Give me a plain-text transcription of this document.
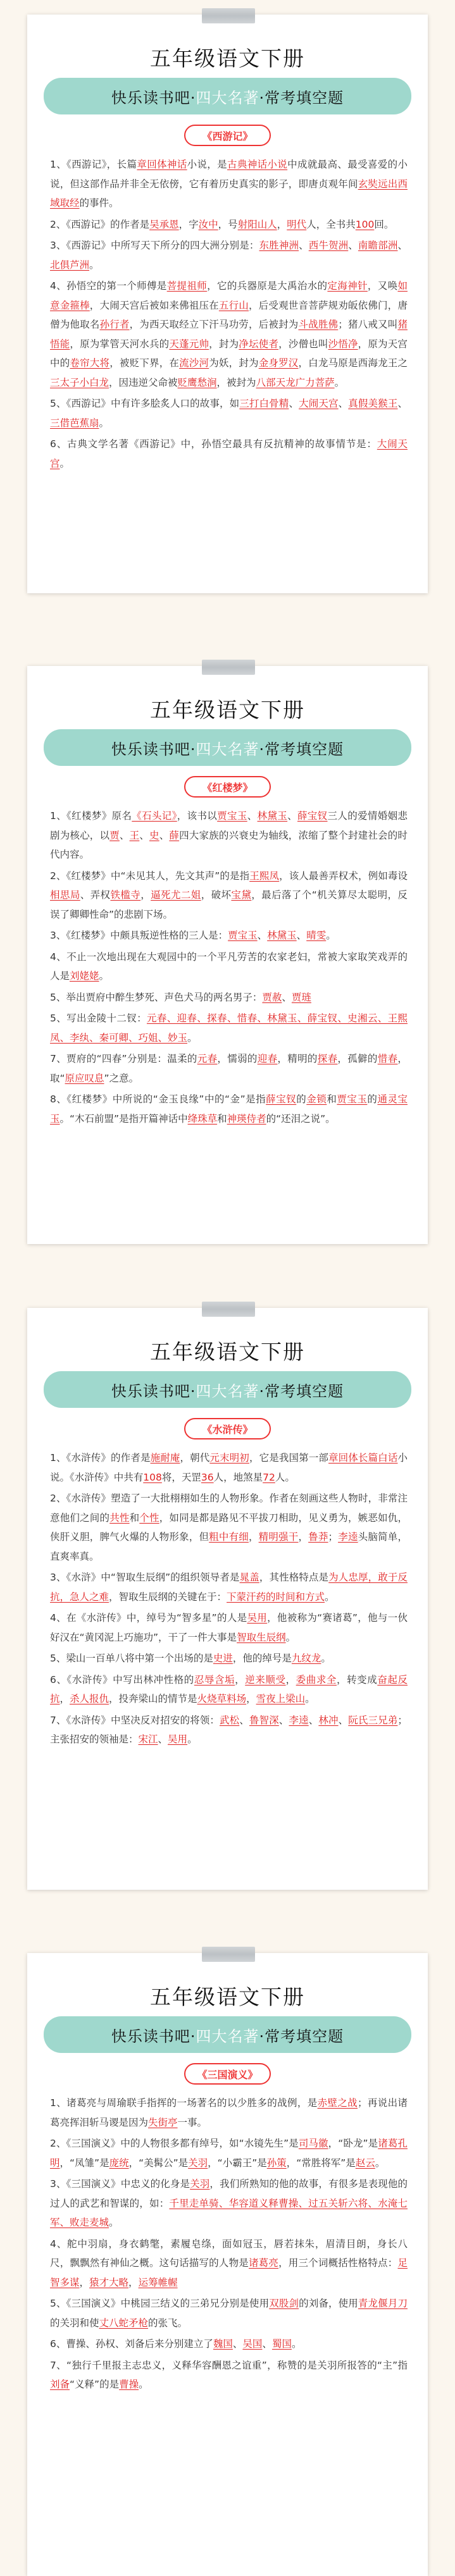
五年级语文下册
快乐读书吧· 四大名著 ·常考填空题
《西游记》

1、《西游记》，长篇章回体神话小说，是古典神话小说中成就最高、最受喜爱的小说，但这部作品并非全无依傍，它有着历史真实的影子，即唐贞观年间玄奘远出西域取经的事件。

2、《西游记》的作者是吴承恩，字汝中，号射阳山人，明代人，全书共100回。

3、《西游记》中所写天下所分的四大洲分别是：东胜神洲、西牛贺洲、南瞻部洲、北俱芦洲。

4、孙悟空的第一个师傅是菩提祖师，它的兵器原是大禹治水的定海神针，又唤如意金箍棒，大闹天宫后被如来佛祖压在五行山，后受观世音菩萨规劝皈依佛门，唐僧为他取名孙行者，为西天取经立下汗马功劳，后被封为斗战胜佛；猪八戒又叫猪悟能，原为掌管天河水兵的天蓬元帅，封为净坛使者，沙僧也叫沙悟净，原为天宫中的卷帘大将，被贬下界，在流沙河为妖，封为金身罗汉，白龙马原是西海龙王之三太子小白龙，因违逆父命被贬鹰愁涧，被封为八部天龙广力菩萨。

5、《西游记》中有许多脍炙人口的故事，如三打白骨精、大闹天宫、真假美猴王、三借芭蕉扇。

6、古典文学名著《西游记》中，孙悟空最具有反抗精神的故事情节是：大闹天宫。

五年级语文下册
快乐读书吧· 四大名著 ·常考填空题
《红楼梦》

1、《红楼梦》原名《石头记》，该书以贾宝玉、林黛玉、薛宝钗三人的爱情婚姻悲剧为核心，以贾、王、史、薛四大家族的兴衰史为轴线，浓缩了整个封建社会的时代内容。

2、《红楼梦》中“未见其人，先文其声”的是指王熙凤，该人最善弄权术，例如毒设相思局、弄权铁槛寺，逼死尤二姐，破坏宝黛，最后落了个“机关算尽太聪明，反误了卿卿性命”的悲剧下场。

3、《红楼梦》中颇具叛逆性格的三人是：贾宝玉、林黛玉、晴雯。

4、不止一次地出现在大观园中的一个平凡劳苦的农家老妇，常被大家取笑戏弄的人是刘姥姥。

5、举出贾府中醉生梦死、声色犬马的两名男子：贾赦、贾琏

5、写出金陵十二钗：元春、迎春、探春、惜春、林黛玉、薛宝钗、史湘云、王熙凤、李纨、秦可卿、巧姐、妙玉。

7、贾府的“四春”分别是：温柔的元春，懦弱的迎春，精明的探春，孤僻的惜春，取“原应叹息”之意。

8、《红楼梦》中所说的“金玉良缘”中的“金”是指薛宝钗的金锁和贾宝玉的通灵宝玉。“木石前盟”是指开篇神话中绛珠草和神瑛侍者的“还泪之说”。

五年级语文下册
快乐读书吧· 四大名著 ·常考填空题
《水浒传》

1、《水浒传》的作者是施耐庵，朝代元末明初，它是我国第一部章回体长篇白话小说。《水浒传》中共有108将，天罡36人，地煞星72人。

2、《水浒传》塑造了一大批栩栩如生的人物形象。作者在刻画这些人物时，非常注意他们之间的共性和个性，如同是都是路见不平拔刀相助，见义勇为，嫉恶如仇，侠肝义胆，脾气火爆的人物形象，但粗中有细，精明强干，鲁莽；李逵头脑简单，直爽率真。

3、《水浒》中“智取生辰纲”的组织领导者是晁盖，其性格特点是为人忠厚，敢于反抗，急人之难，智取生辰纲的关键在于：下蒙汗药的时间和方式。

4、在《水浒传》中，绰号为“智多星”的人是吴用，他被称为“赛诸葛”，他与一伙好汉在“黄冈泥上巧施功”，干了一件大事是智取生辰纲。

5、梁山一百单八将中第一个出场的是史进，他的绰号是九纹龙。

6、《水浒传》中写出林冲性格的忍辱含垢，逆来顺受，委曲求全，转变成奋起反抗，杀人报仇，投奔梁山的情节是火烧草料场，雪夜上梁山。

7、《水浒传》中坚决反对招安的将领：武松、鲁智深、李逵、林冲、阮氏三兄弟；主张招安的领袖是：宋江、吴用。

五年级语文下册
快乐读书吧· 四大名著 ·常考填空题
《三国演义》

1、诸葛亮与周瑜联手指挥的一场著名的以少胜多的战例，是赤壁之战；再说出诸葛亮挥泪斩马谡是因为失街亭一事。

2、《三国演义》中的人物很多都有绰号，如“水镜先生”是司马徽，“卧龙”是诸葛孔明，“凤雏”是庞统，“美髯公”是关羽，“小霸王”是孙策，“常胜将军”是赵云。

3、《三国演义》中忠义的化身是关羽，我们所熟知的他的故事，有很多是表现他的过人的武艺和智谋的，如：千里走单骑、华容道义释曹操、过五关斩六将、水淹七军、败走麦城。

4、舵中羽扇，身衣鹤氅，素履皂绦，面如冠玉，唇若抹朱，眉清目朗，身长八尺，飘飘然有神仙之概。这句话描写的人物是诸葛亮，用三个词概括性格特点：足智多谋，猿才大略，运筹帷幄

5、《三国演义》中桃园三结义的三弟兄分别是使用双股剑的刘备，使用青龙偃月刀的关羽和使丈八蛇矛枪的张飞。

6、曹操、孙权、刘备后来分别建立了魏国、吴国、蜀国。

7、“独行千里报主志忠义，义释华容酬恩之谊重”，称赞的是关羽所报答的“主”指刘备“义释”的是曹操。
